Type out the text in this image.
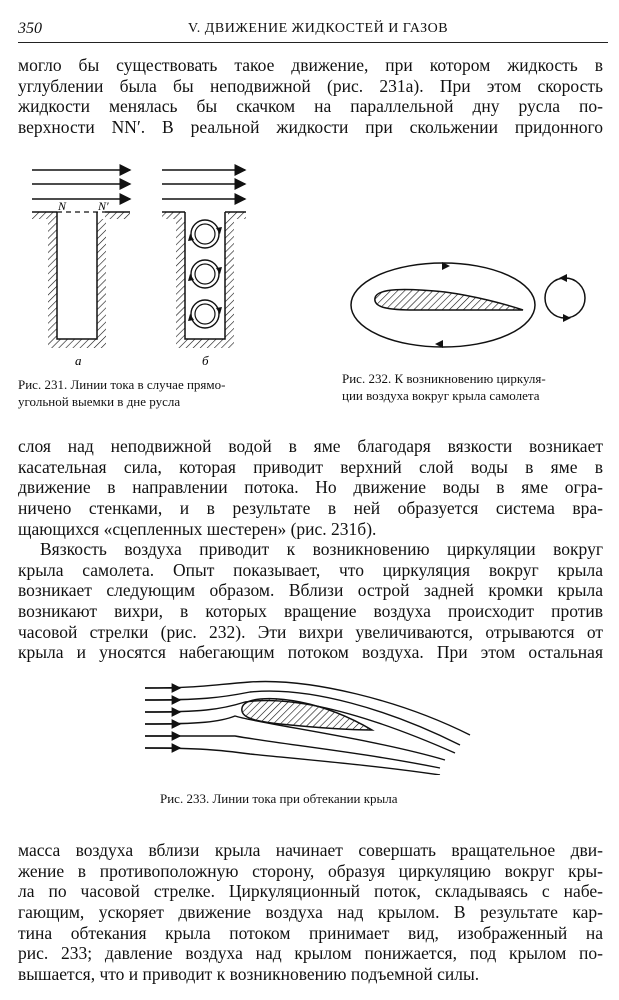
350	V. ДВИЖЕНИЕ ЖИДКОСТЕЙ И ГАЗОВ
могло бы существовать такое движение, при котором жидкость в
углублении была бы неподвижной (рис. 231а). При этом скорость
жидкости менялась бы скачком на параллельной дну русла по-
верхности NN′. В реальной жидкости при скольжении придонного
N	N′
а	б
Рис. 231. Линии тока в случае прямо-
угольной выемки в дне русла
Рис. 232. К возникновению циркуля-
ции воздуха вокруг крыла самолета
слоя над неподвижной водой в яме благодаря вязкости возникает
касательная сила, которая приводит верхний слой воды в яме в
движение в направлении потока. Но движение воды в яме огра-
ничено стенками, и в результате в ней образуется система вра-
щающихся «сцепленных шестерен» (рис. 231б).
Вязкость воздуха приводит к возникновению циркуляции вокруг
крыла самолета. Опыт показывает, что циркуляция вокруг крыла
возникает следующим образом. Вблизи острой задней кромки крыла
возникают вихри, в которых вращение воздуха происходит против
часовой стрелки (рис. 232). Эти вихри увеличиваются, отрываются от
крыла и уносятся набегающим потоком воздуха. При этом остальная
Рис. 233. Линии тока при обтекании крыла
масса воздуха вблизи крыла начинает совершать вращательное дви-
жение в противоположную сторону, образуя циркуляцию вокруг кры-
ла по часовой стрелке. Циркуляционный поток, складываясь с набе-
гающим, ускоряет движение воздуха над крылом. В результате кар-
тина обтекания крыла потоком принимает вид, изображенный на
рис. 233; давление воздуха над крылом понижается, под крылом по-
вышается, что и приводит к возникновению подъемной силы.
